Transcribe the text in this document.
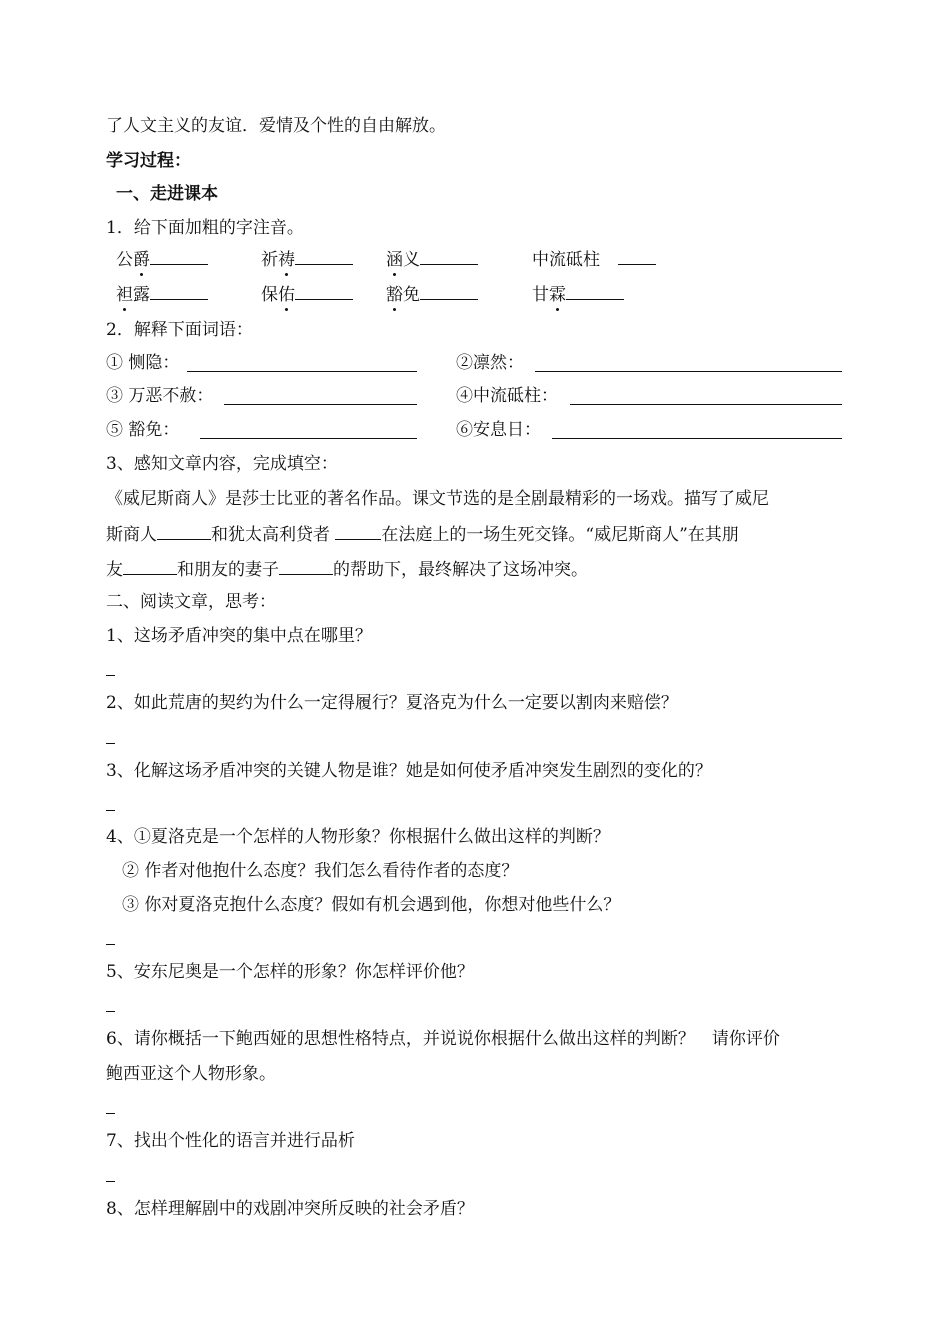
了人文主义的友谊．爱情及个性的自由解放。
学习过程：
一、走进课本
1．给下面加粗的字注音。
公爵	祈祷	涵义	中流砥柱
袒露	保佑	豁免	甘霖
2．解释下面词语：
① 恻隐：	②凛然：
③ 万恶不赦：	④中流砥柱：
⑤ 豁免：	⑥安息日：
3、感知文章内容，完成填空：
《威尼斯商人》是莎士比亚的著名作品。课文节选的是全剧最精彩的一场戏。描写了威尼
斯商人	和犹太高利贷者	在法庭上的一场生死交锋。“威尼斯商人”在其朋
友	和朋友的妻子	的帮助下，最终解决了这场冲突。
二、阅读文章，思考：
1、这场矛盾冲突的集中点在哪里？
2、如此荒唐的契约为什么一定得履行？夏洛克为什么一定要以割肉来赔偿？
3、化解这场矛盾冲突的关键人物是谁？她是如何使矛盾冲突发生剧烈的变化的？
4、①夏洛克是一个怎样的人物形象？你根据什么做出这样的判断？
② 作者对他抱什么态度？我们怎么看待作者的态度？
③ 你对夏洛克抱什么态度？假如有机会遇到他，你想对他些什么？
5、安东尼奥是一个怎样的形象？你怎样评价他？
6、请你概括一下鲍西娅的思想性格特点，并说说你根据什么做出这样的判断？　请你评价
鲍西亚这个人物形象。
7、找出个性化的语言并进行品析
8、怎样理解剧中的戏剧冲突所反映的社会矛盾？
